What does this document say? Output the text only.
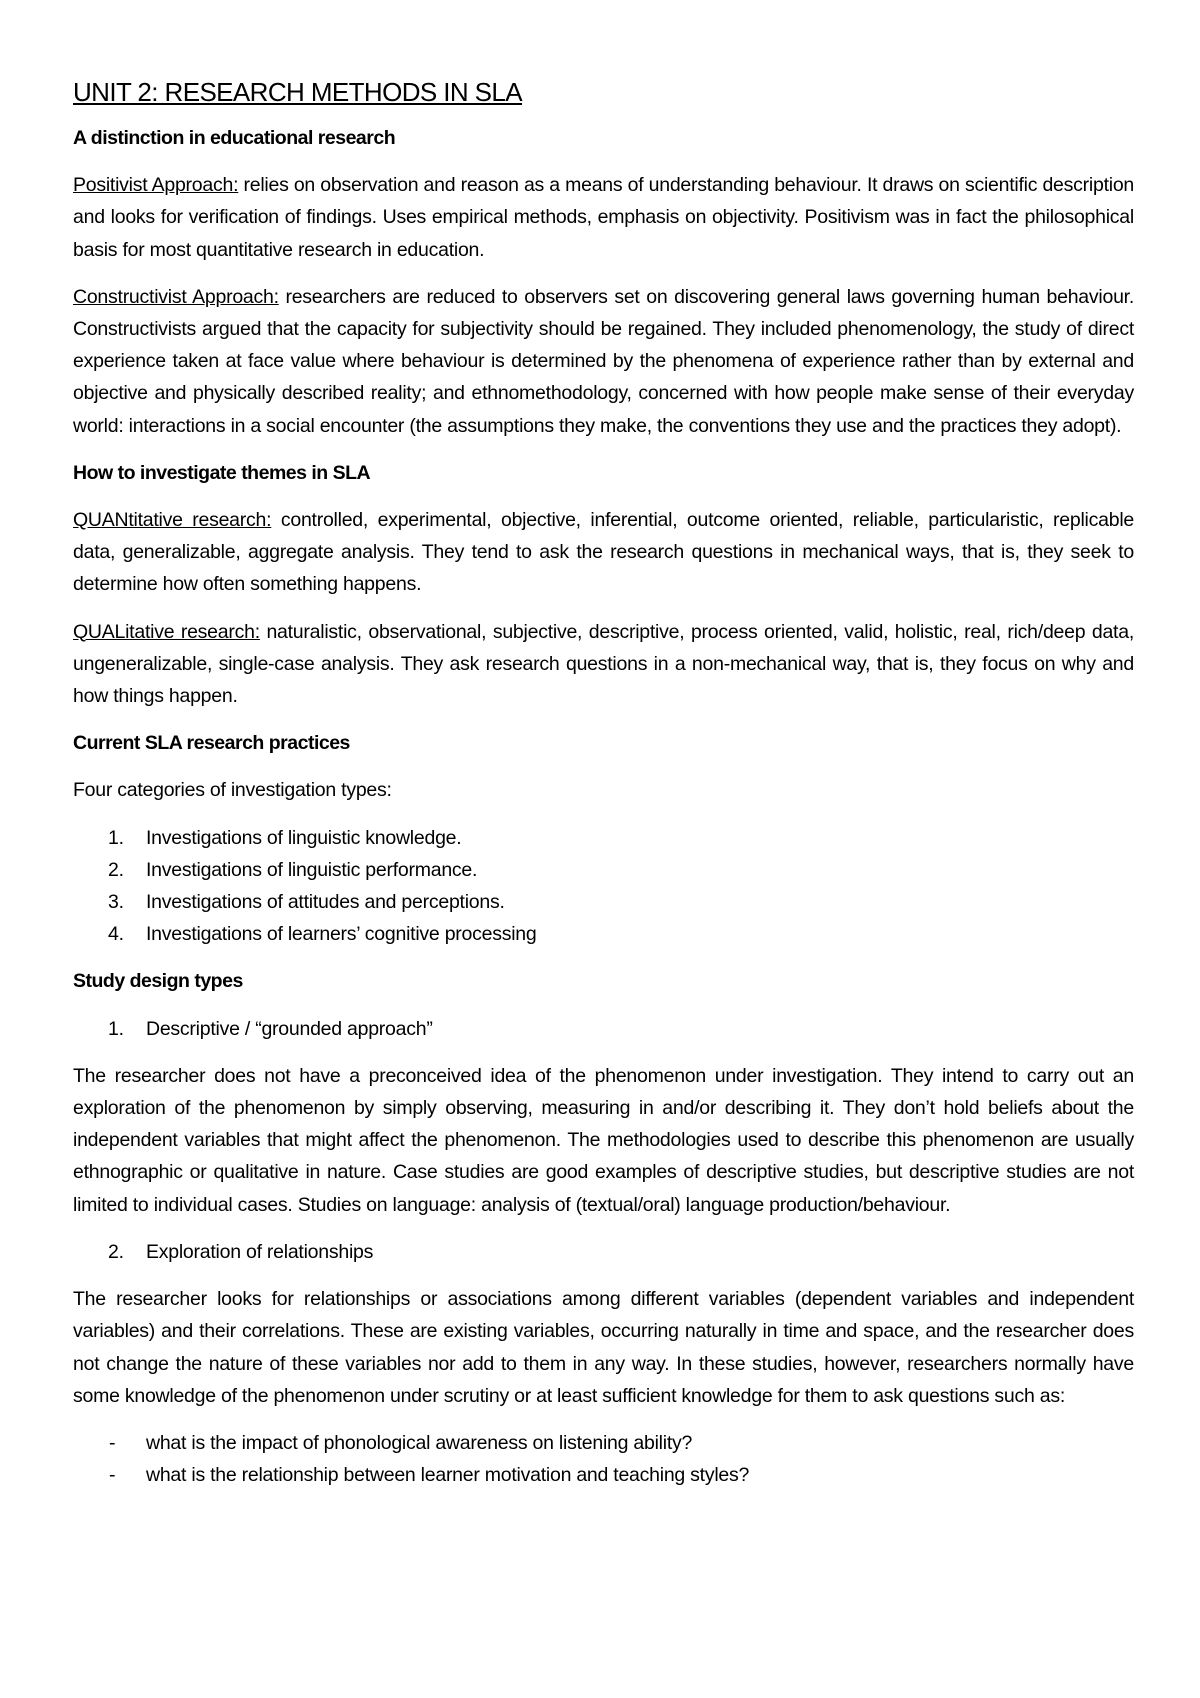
UNIT 2: RESEARCH METHODS IN SLA
A distinction in educational research

Positivist Approach: relies on observation and reason as a means of understanding behaviour. It draws on scientific description and looks for verification of findings. Uses empirical methods, emphasis on objectivity. Positivism was in fact the philosophical basis for most quantitative research in education.

Constructivist Approach: researchers are reduced to observers set on discovering general laws governing human behaviour. Constructivists argued that the capacity for subjectivity should be regained. They included phenomenology, the study of direct experience taken at face value where behaviour is determined by the phenomena of experience rather than by external and objective and physically described reality; and ethnomethodology, concerned with how people make sense of their everyday world: interactions in a social encounter (the assumptions they make, the conventions they use and the practices they adopt).

How to investigate themes in SLA

QUANtitative research: controlled, experimental, objective, inferential, outcome oriented, reliable, particularistic, replicable data, generalizable, aggregate analysis. They tend to ask the research questions in mechanical ways, that is, they seek to determine how often something happens.

QUALitative research: naturalistic, observational, subjective, descriptive, process oriented, valid, holistic, real, rich/deep data, ungeneralizable, single-case analysis. They ask research questions in a non-mechanical way, that is, they focus on why and how things happen.

Current SLA research practices

Four categories of investigation types:

1. Investigations of linguistic knowledge.
2. Investigations of linguistic performance.
3. Investigations of attitudes and perceptions.
4. Investigations of learners’ cognitive processing
Study design types
1. Descriptive / “grounded approach”

The researcher does not have a preconceived idea of the phenomenon under investigation. They intend to carry out an exploration of the phenomenon by simply observing, measuring in and/or describing it. They don’t hold beliefs about the independent variables that might affect the phenomenon. The methodologies used to describe this phenomenon are usually ethnographic or qualitative in nature. Case studies are good examples of descriptive studies, but descriptive studies are not limited to individual cases. Studies on language: analysis of (textual/oral) language production/behaviour.

2. Exploration of relationships

The researcher looks for relationships or associations among different variables (dependent variables and independent variables) and their correlations. These are existing variables, occurring naturally in time and space, and the researcher does not change the nature of these variables nor add to them in any way. In these studies, however, researchers normally have some knowledge of the phenomenon under scrutiny or at least sufficient knowledge for them to ask questions such as:

- what is the impact of phonological awareness on listening ability?
- what is the relationship between learner motivation and teaching styles?
